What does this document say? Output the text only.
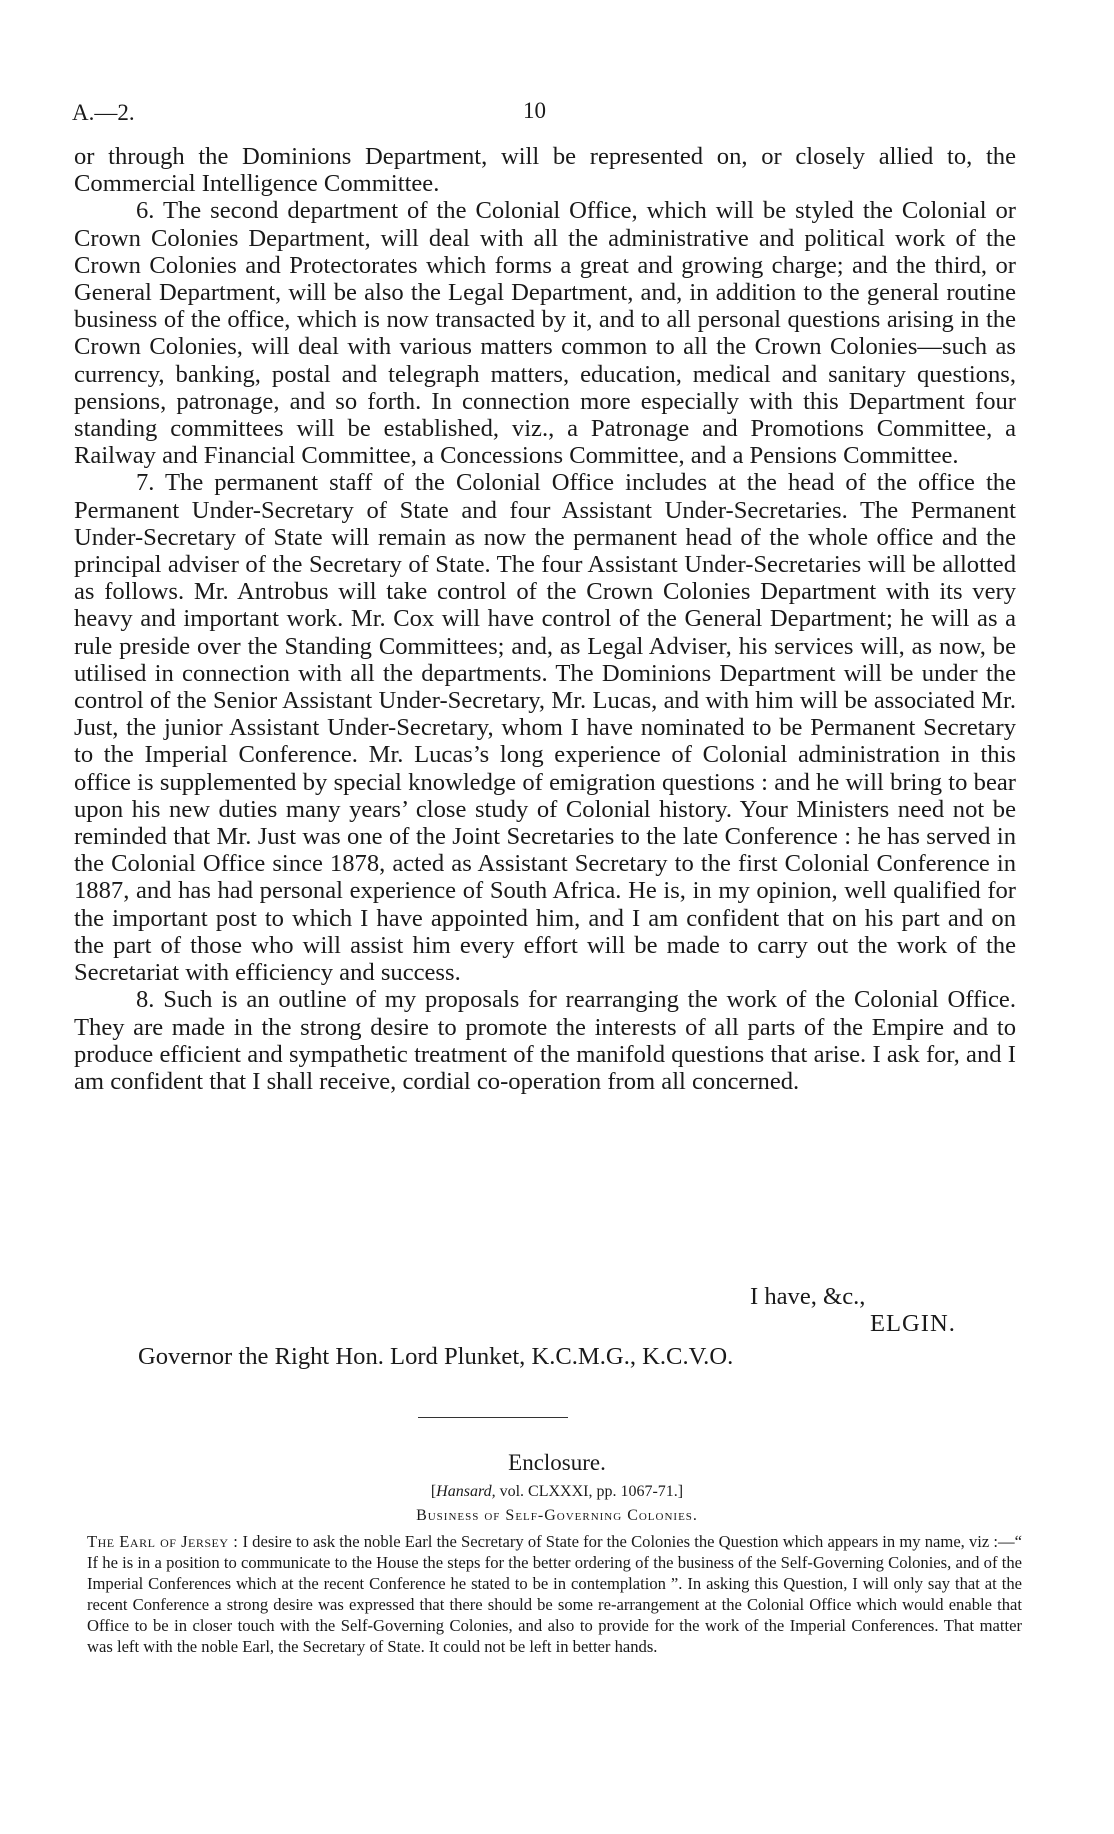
A.—2.	10

or through the Dominions Department, will be represented on, or closely allied to, the Commercial Intelligence Committee.

6. The second department of the Colonial Office, which will be styled the Colonial or Crown Colonies Department, will deal with all the administrative and political work of the Crown Colonies and Protectorates which forms a great and growing charge; and the third, or General Department, will be also the Legal Department, and, in addition to the general routine business of the office, which is now transacted by it, and to all personal questions arising in the Crown Colonies, will deal with various matters common to all the Crown Colonies—such as currency, banking, postal and telegraph matters, education, medical and sanitary questions, pensions, patronage, and so forth. In connection more especially with this Department four standing committees will be established, viz., a Patronage and Promotions Committee, a Railway and Financial Committee, a Concessions Committee, and a Pensions Committee.

7. The permanent staff of the Colonial Office includes at the head of the office the Permanent Under-Secretary of State and four Assistant Under-Secretaries. The Permanent Under-Secretary of State will remain as now the permanent head of the whole office and the principal adviser of the Secretary of State. The four Assistant Under-Secretaries will be allotted as follows. Mr. Antrobus will take control of the Crown Colonies Department with its very heavy and important work. Mr. Cox will have control of the General Department; he will as a rule preside over the Standing Committees; and, as Legal Adviser, his services will, as now, be utilised in connection with all the departments. The Dominions Department will be under the control of the Senior Assistant Under-Secretary, Mr. Lucas, and with him will be associated Mr. Just, the junior Assistant Under-Secretary, whom I have nominated to be Permanent Secretary to the Imperial Conference. Mr. Lucas’s long experience of Colonial administration in this office is supplemented by special knowledge of emigration questions : and he will bring to bear upon his new duties many years’ close study of Colonial history. Your Ministers need not be reminded that Mr. Just was one of the Joint Secretaries to the late Conference : he has served in the Colonial Office since 1878, acted as Assistant Secretary to the first Colonial Conference in 1887, and has had personal experience of South Africa. He is, in my opinion, well qualified for the important post to which I have appointed him, and I am confident that on his part and on the part of those who will assist him every effort will be made to carry out the work of the Secretariat with efficiency and success.

8. Such is an outline of my proposals for rearranging the work of the Colonial Office. They are made in the strong desire to promote the interests of all parts of the Empire and to produce efficient and sympathetic treatment of the manifold questions that arise. I ask for, and I am confident that I shall receive, cordial co-operation from all concerned.

I have, &c.,
ELGIN.
Governor the Right Hon. Lord Plunket, K.C.M.G., K.C.V.O.
Enclosure.
[Hansard, vol. CLXXXI, pp. 1067-71.]
Business of Self-Governing Colonies.
The Earl of Jersey : I desire to ask the noble Earl the Secretary of State for the Colonies the Question which appears in my name, viz :—“ If he is in a position to communicate to the House the steps for the better ordering of the business of the Self-Governing Colonies, and of the Imperial Conferences which at the recent Conference he stated to be in contemplation ”. In asking this Question, I will only say that at the recent Conference a strong desire was expressed that there should be some re-arrangement at the Colonial Office which would enable that Office to be in closer touch with the Self-Governing Colonies, and also to provide for the work of the Imperial Conferences. That matter was left with the noble Earl, the Secretary of State. It could not be left in better hands.
